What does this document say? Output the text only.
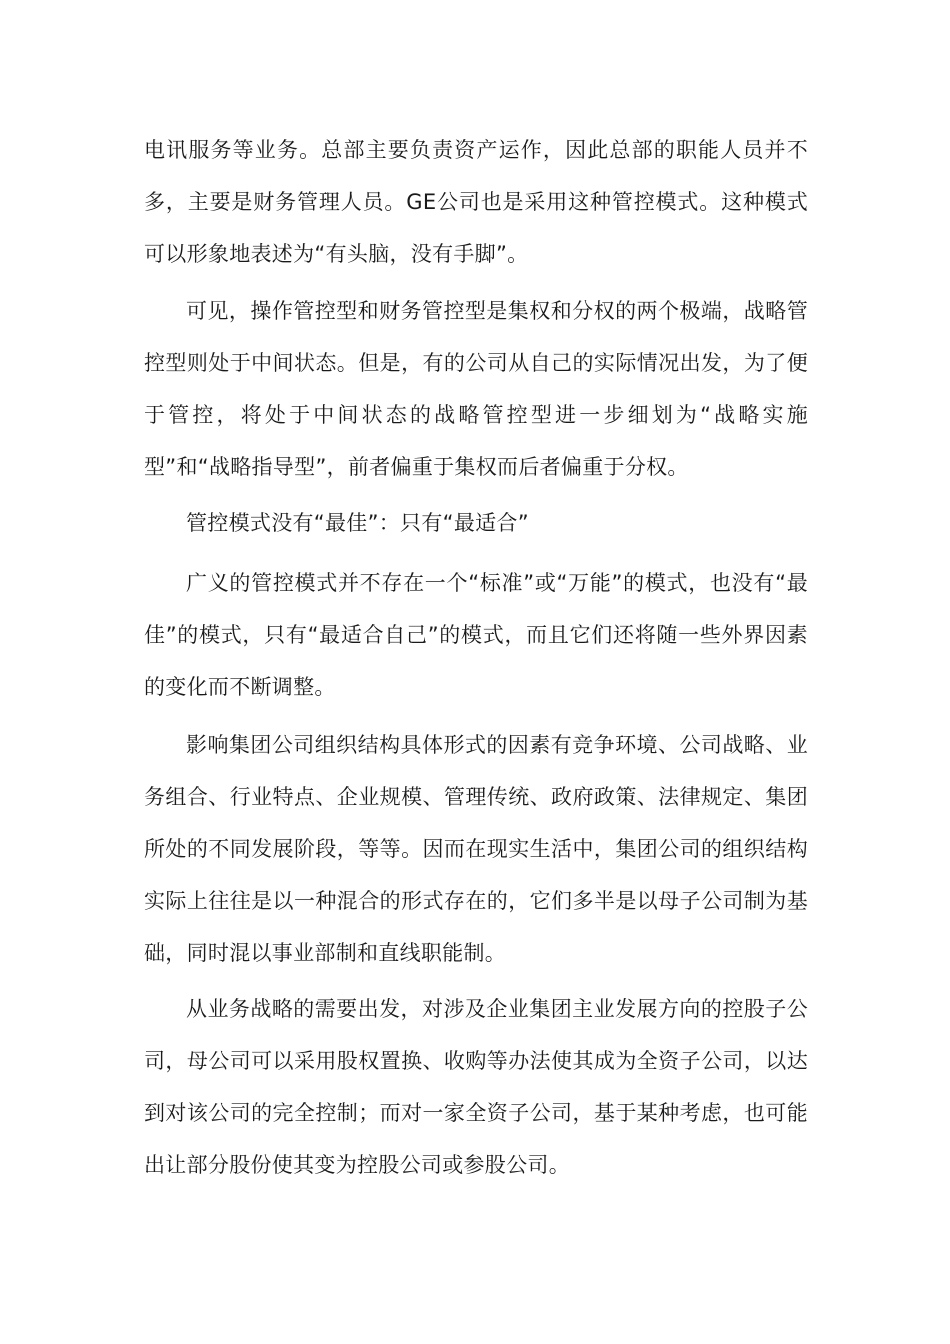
电讯服务等业务。总部主要负责资产运作，因此总部的职能人员并不多，主要是财务管理人员。GE公司也是采用这种管控模式。这种模式可以形象地表述为“有头脑，没有手脚”。

可见，操作管控型和财务管控型是集权和分权的两个极端，战略管控型则处于中间状态。但是，有的公司从自己的实际情况出发，为了便于管控，将处于中间状态的战略管控型进一步细划为“战略实施型”和“战略指导型”，前者偏重于集权而后者偏重于分权。

管控模式没有“最佳”：只有“最适合”

广义的管控模式并不存在一个“标准”或“万能”的模式，也没有“最佳”的模式，只有“最适合自己”的模式，而且它们还将随一些外界因素的变化而不断调整。

影响集团公司组织结构具体形式的因素有竞争环境、公司战略、业务组合、行业特点、企业规模、管理传统、政府政策、法律规定、集团所处的不同发展阶段，等等。因而在现实生活中，集团公司的组织结构实际上往往是以一种混合的形式存在的，它们多半是以母子公司制为基础，同时混以事业部制和直线职能制。

从业务战略的需要出发，对涉及企业集团主业发展方向的控股子公司，母公司可以采用股权置换、收购等办法使其成为全资子公司，以达到对该公司的完全控制；而对一家全资子公司，基于某种考虑，也可能出让部分股份使其变为控股公司或参股公司。
